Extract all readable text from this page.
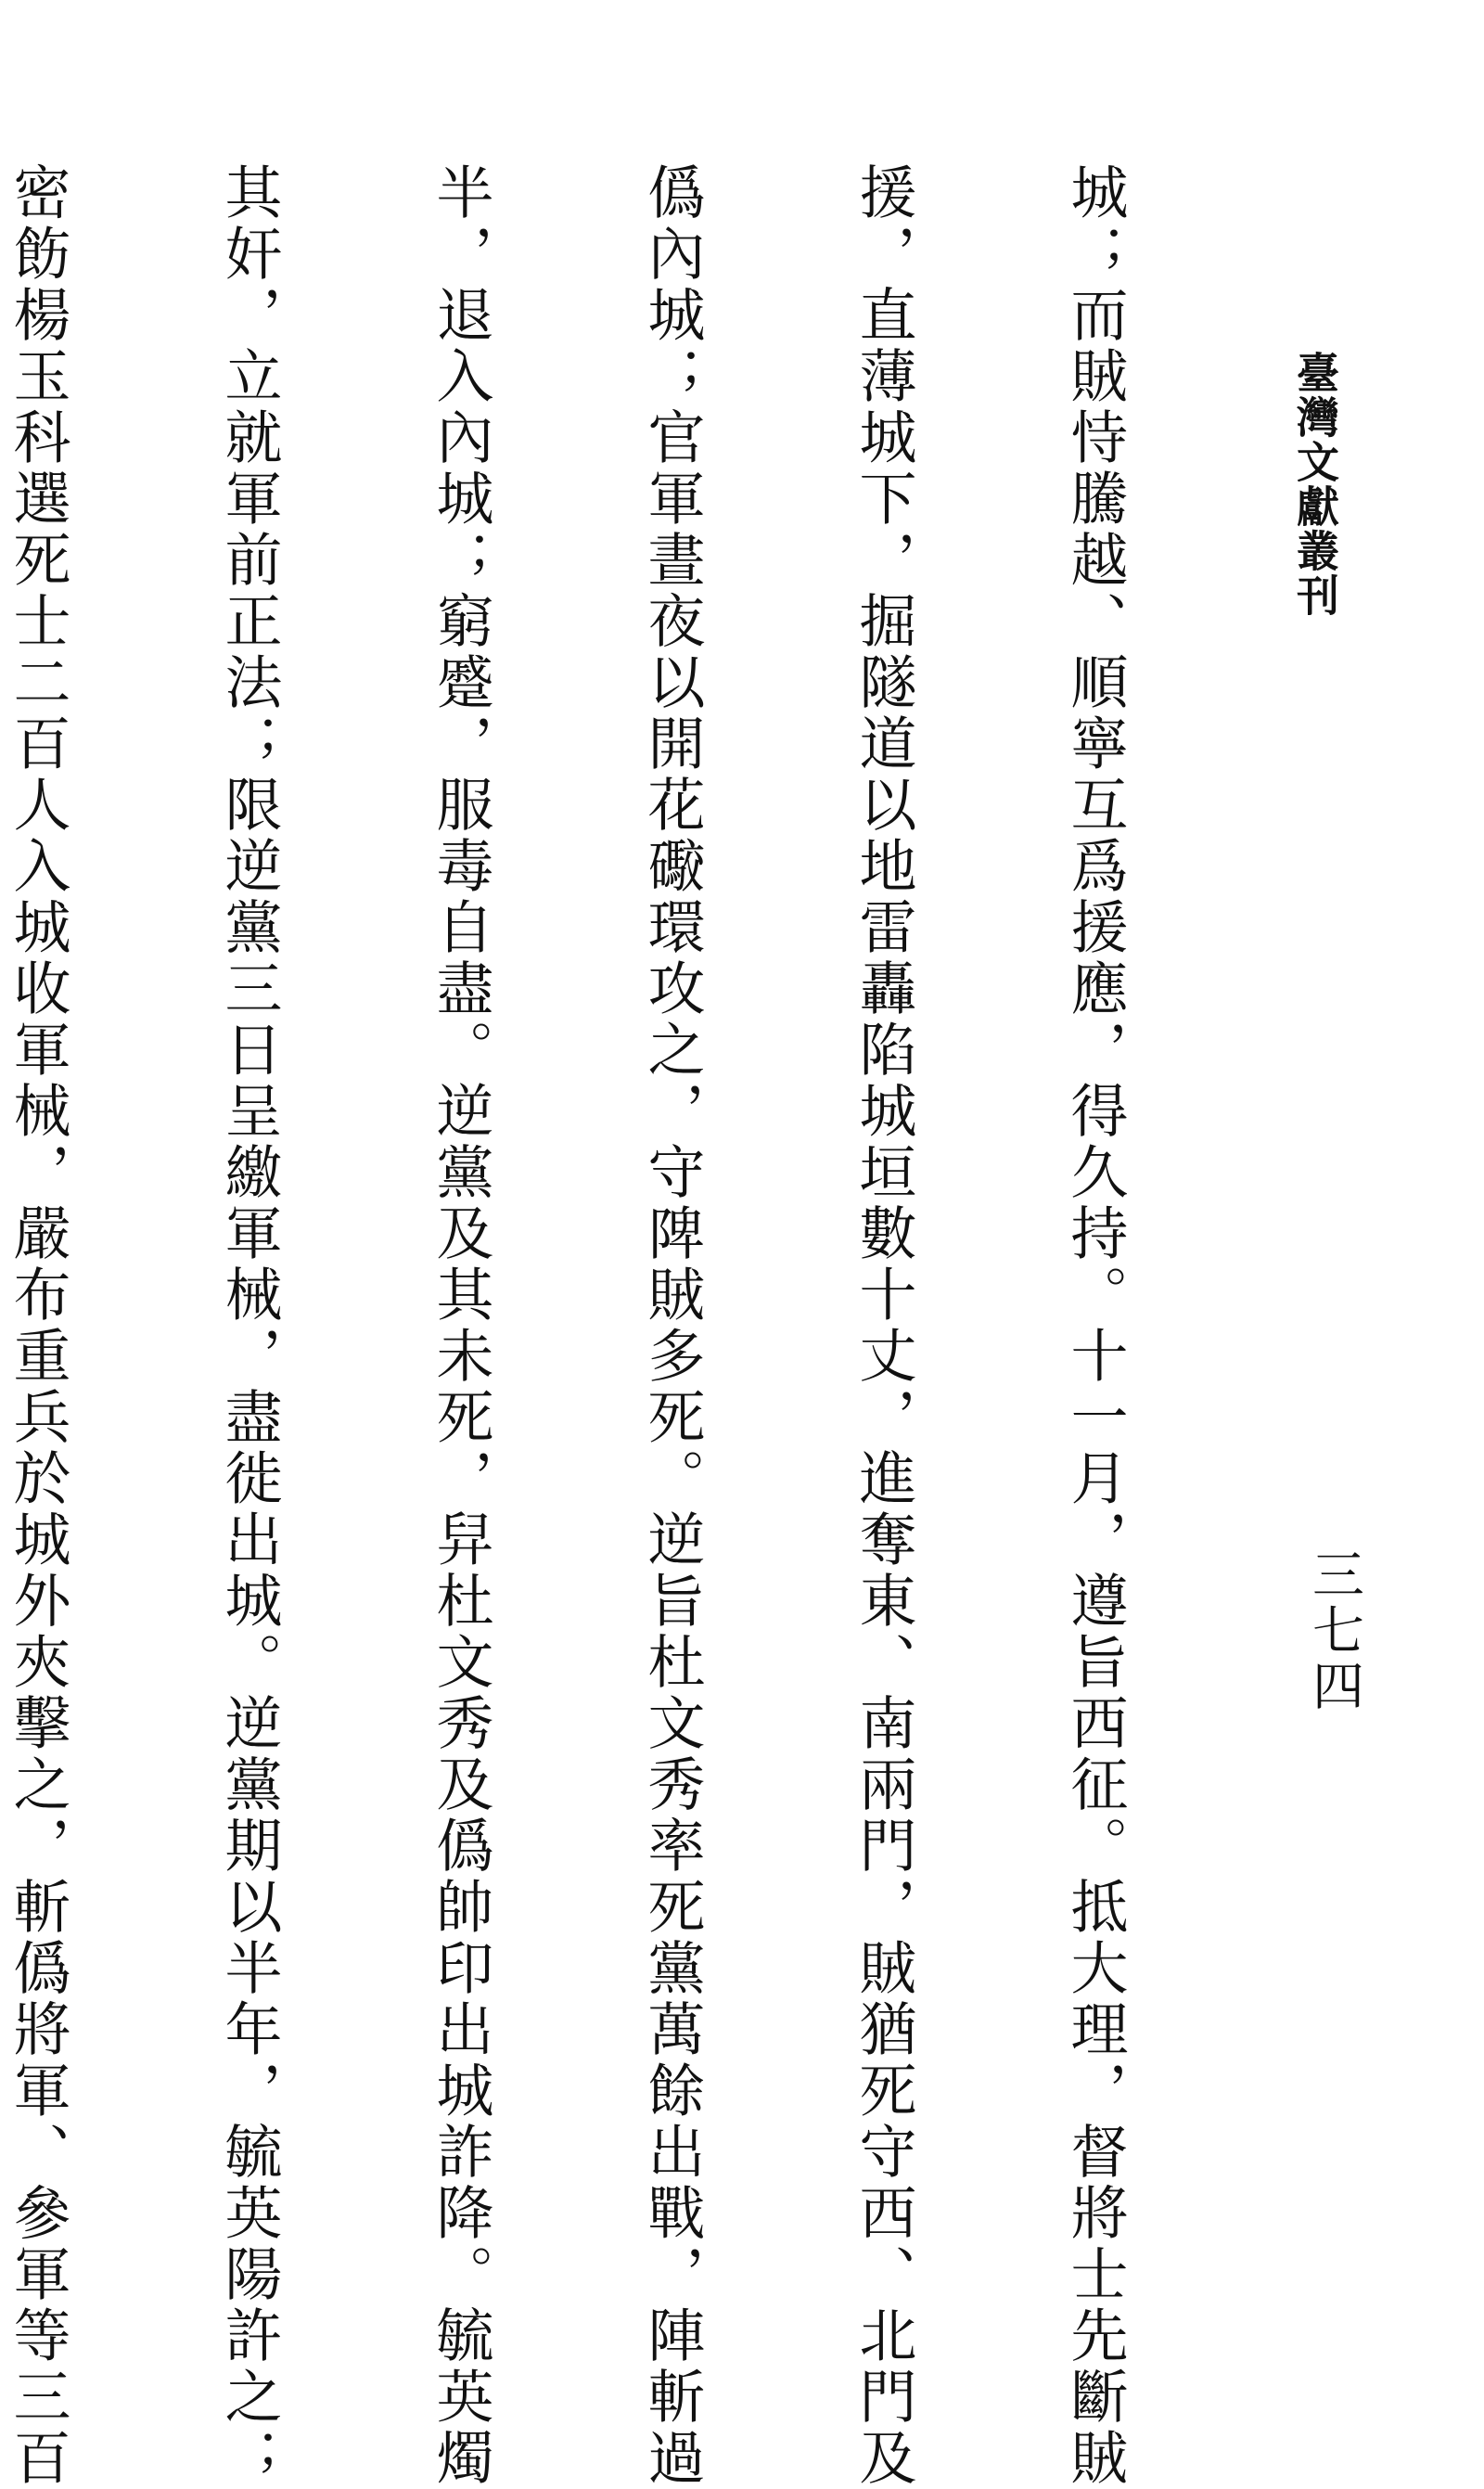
臺灣文獻叢刊
三七四

城；而賊恃騰越、順寧互爲援應，得久持。十一月，遵旨西征。抵大理，督將士先斷賊

援，直薄城下，掘隧道以地雷轟陷城垣數十丈，進奪東、南兩門，賊猶死守西、北門及

僞內城；官軍晝夜以開花礮環攻之，守陴賊多死。逆旨杜文秀率死黨萬餘出戰，陣斬過

半，退入內城；窮蹙，服毒自盡。逆黨及其未死，舁杜文秀及僞帥印出城詐降。毓英燭

其奸，立就軍前正法；限逆黨三日呈繳軍械，盡徙出城。逆黨期以半年，毓英陽許之；

密飭楊玉科選死士二百人入城收軍械，嚴布重兵於城外夾擊之，斬僞將軍、參軍等三百
